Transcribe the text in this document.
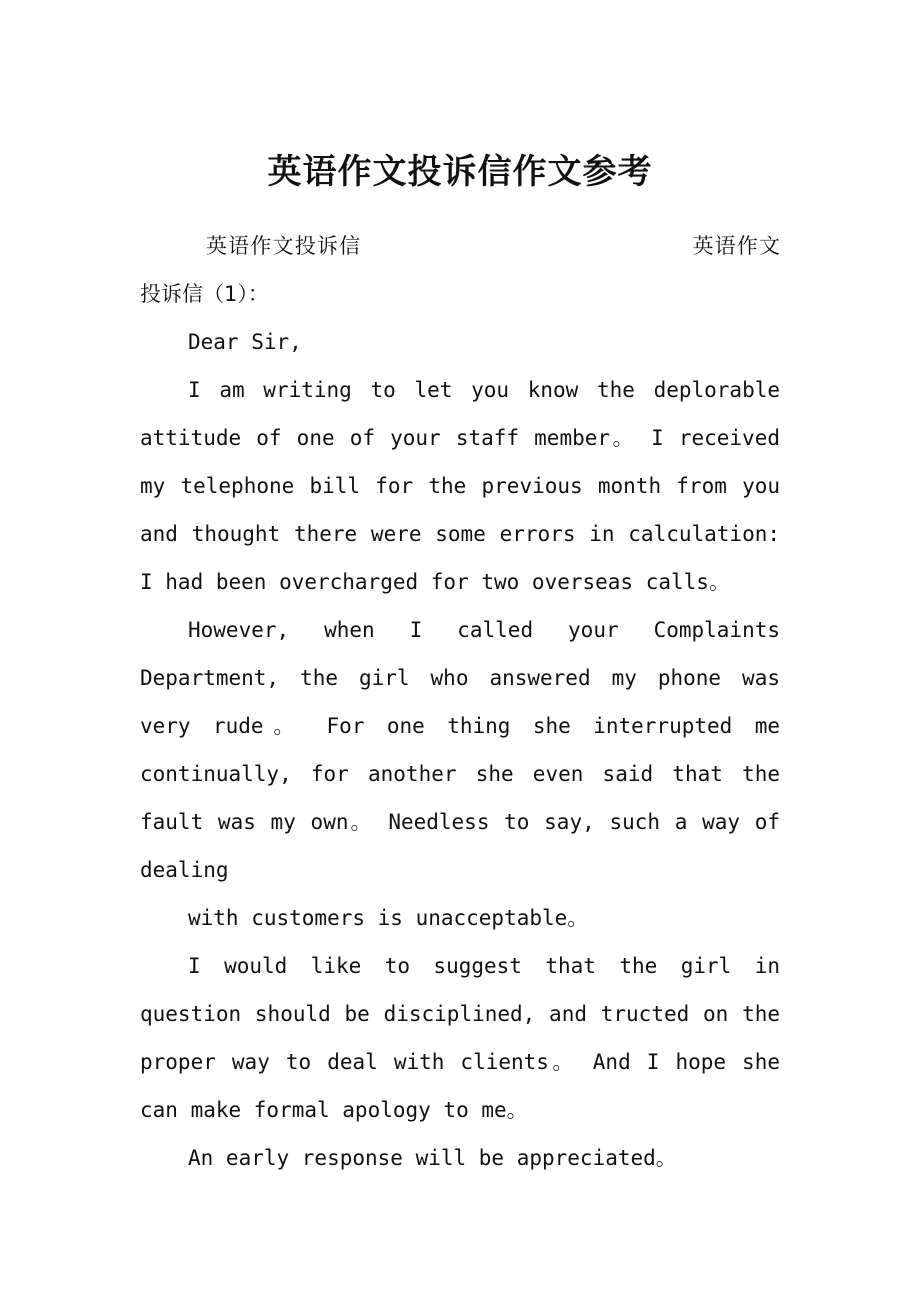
英语作文投诉信作文参考

英语作文投诉信	英语作文投诉信（1）：

Dear Sir,

I am writing to let you know the deplorable attitude of one of your staff member。 I received my telephone bill for the previous month from you and thought there were some errors in calculation: I had been overcharged for two overseas calls。

However, when I called your Complaints Department, the girl who answered my phone was very rude。 For one thing she interrupted me continually, for another she even said that the fault was my own。 Needless to say, such a way of dealing

with customers is unacceptable。

I would like to suggest that the girl in question should be disciplined, and tructed on the proper way to deal with clients。 And I hope she can make formal apology to me。

An early response will be appreciated。
